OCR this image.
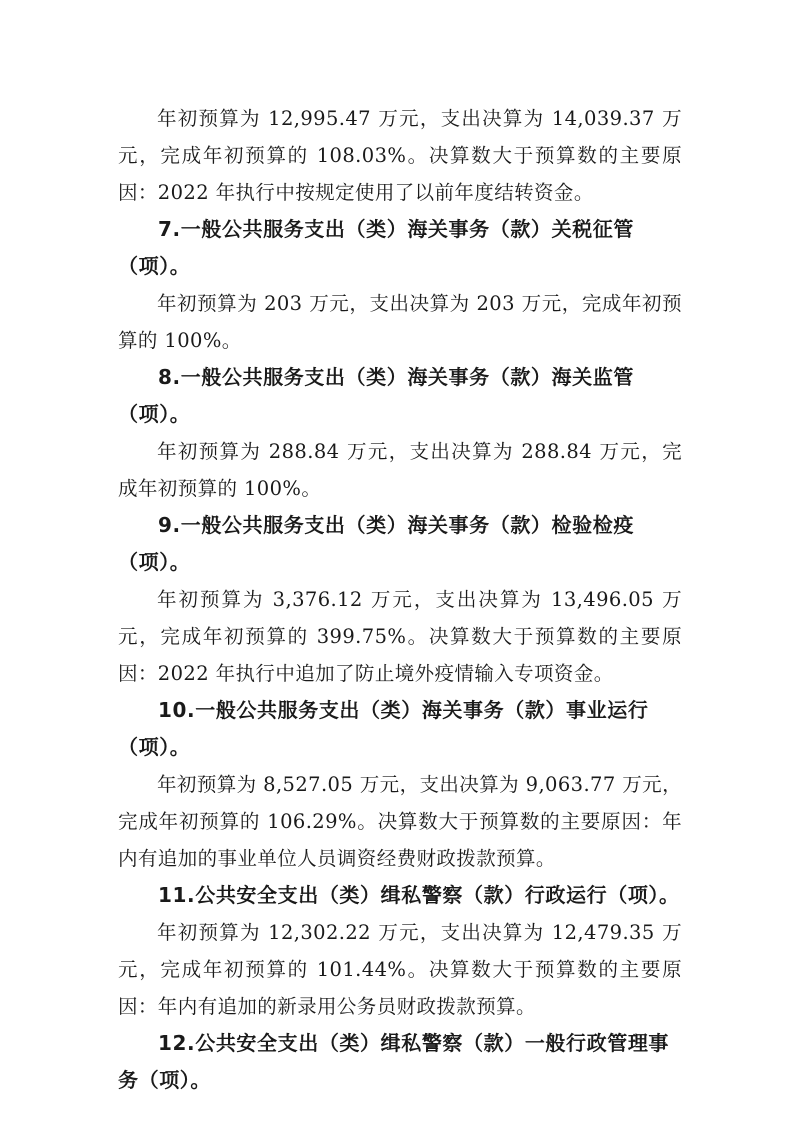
年初预算为 12,995.47 万元，支出决算为 14,039.37 万元，完成年初预算的 108.03%。决算数大于预算数的主要原因：2022 年执行中按规定使用了以前年度结转资金。

7.一般公共服务支出（类）海关事务（款）关税征管（项）。

年初预算为 203 万元，支出决算为 203 万元，完成年初预算的 100%。

8.一般公共服务支出（类）海关事务（款）海关监管（项）。

年初预算为 288.84 万元，支出决算为 288.84 万元，完成年初预算的 100%。

9.一般公共服务支出（类）海关事务（款）检验检疫（项）。

年初预算为 3,376.12 万元，支出决算为 13,496.05 万元，完成年初预算的 399.75%。决算数大于预算数的主要原因：2022 年执行中追加了防止境外疫情输入专项资金。

10.一般公共服务支出（类）海关事务（款）事业运行（项）。

年初预算为 8,527.05 万元，支出决算为 9,063.77 万元，完成年初预算的 106.29%。决算数大于预算数的主要原因：年内有追加的事业单位人员调资经费财政拨款预算。

11.公共安全支出（类）缉私警察（款）行政运行（项）。

年初预算为 12,302.22 万元，支出决算为 12,479.35 万元，完成年初预算的 101.44%。决算数大于预算数的主要原因：年内有追加的新录用公务员财政拨款预算。

12.公共安全支出（类）缉私警察（款）一般行政管理事务（项）。
